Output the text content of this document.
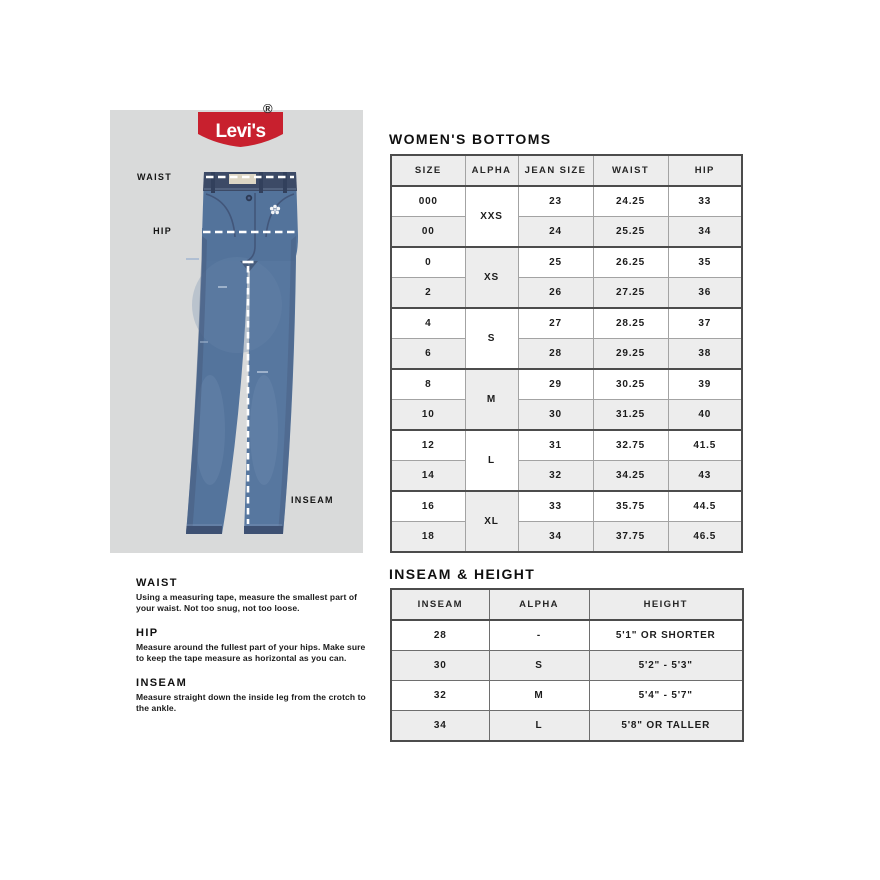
Levi's
WAIST
HIP
INSEAM
®
WOMEN'S BOTTOMS
SIZE	ALPHA	JEAN SIZE	WAIST	HIP
000	XXS	23	24.25	33
00		24	25.25	34
0	XS	25	26.25	35
2		26	27.25	36
4	S	27	28.25	37
6		28	29.25	38
8	M	29	30.25	39
10		30	31.25	40
12	L	31	32.75	41.5
14		32	34.25	43
16	XL	33	35.75	44.5
18		34	37.75	46.5
WAIST

Using a measuring tape, measure the smallest part of your waist. Not too snug, not too loose.

HIP

Measure around the fullest part of your hips. Make sure to keep the tape measure as horizontal as you can.

INSEAM

Measure straight down the inside leg from the crotch to the ankle.

INSEAM & HEIGHT
INSEAM	ALPHA	HEIGHT
28	-	5'1" OR SHORTER
30	S	5'2" - 5'3"
32	M	5'4" - 5'7"
34	L	5'8" OR TALLER
